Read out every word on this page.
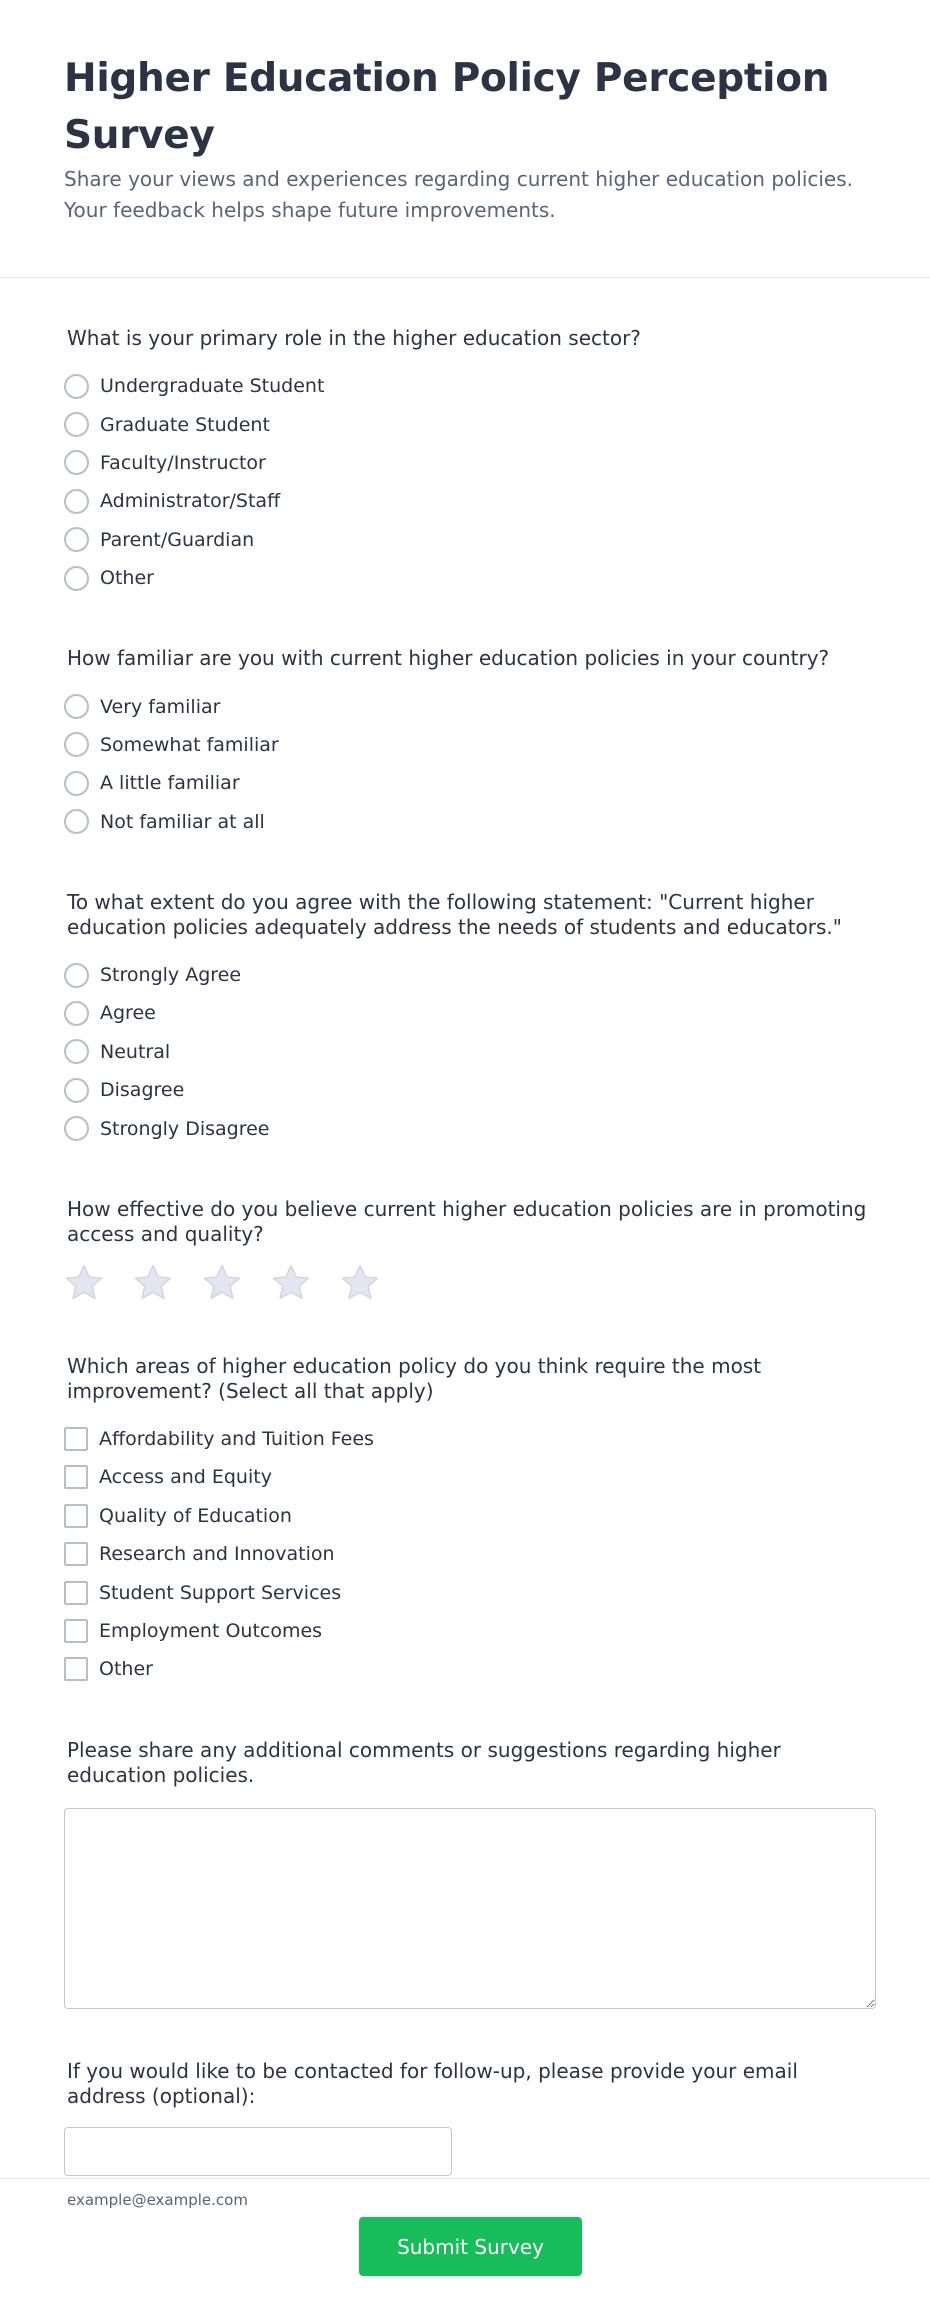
Higher Education Policy Perception Survey

Share your views and experiences regarding current higher education policies. Your feedback helps shape future improvements.

What is your primary role in the higher education sector?
Undergraduate Student
Graduate Student
Faculty/Instructor
Administrator/Staff
Parent/Guardian
Other
How familiar are you with current higher education policies in your country?
Very familiar
Somewhat familiar
A little familiar
Not familiar at all
To what extent do you agree with the following statement: "Current higher education policies adequately address the needs of students and educators."
Strongly Agree
Agree
Neutral
Disagree
Strongly Disagree
How effective do you believe current higher education policies are in promoting access and quality?
Which areas of higher education policy do you think require the most improvement? (Select all that apply)
Affordability and Tuition Fees
Access and Equity
Quality of Education
Research and Innovation
Student Support Services
Employment Outcomes
Other
Please share any additional comments or suggestions regarding higher education policies.
If you would like to be contacted for follow-up, please provide your email address (optional):
example@example.com
Submit Survey
